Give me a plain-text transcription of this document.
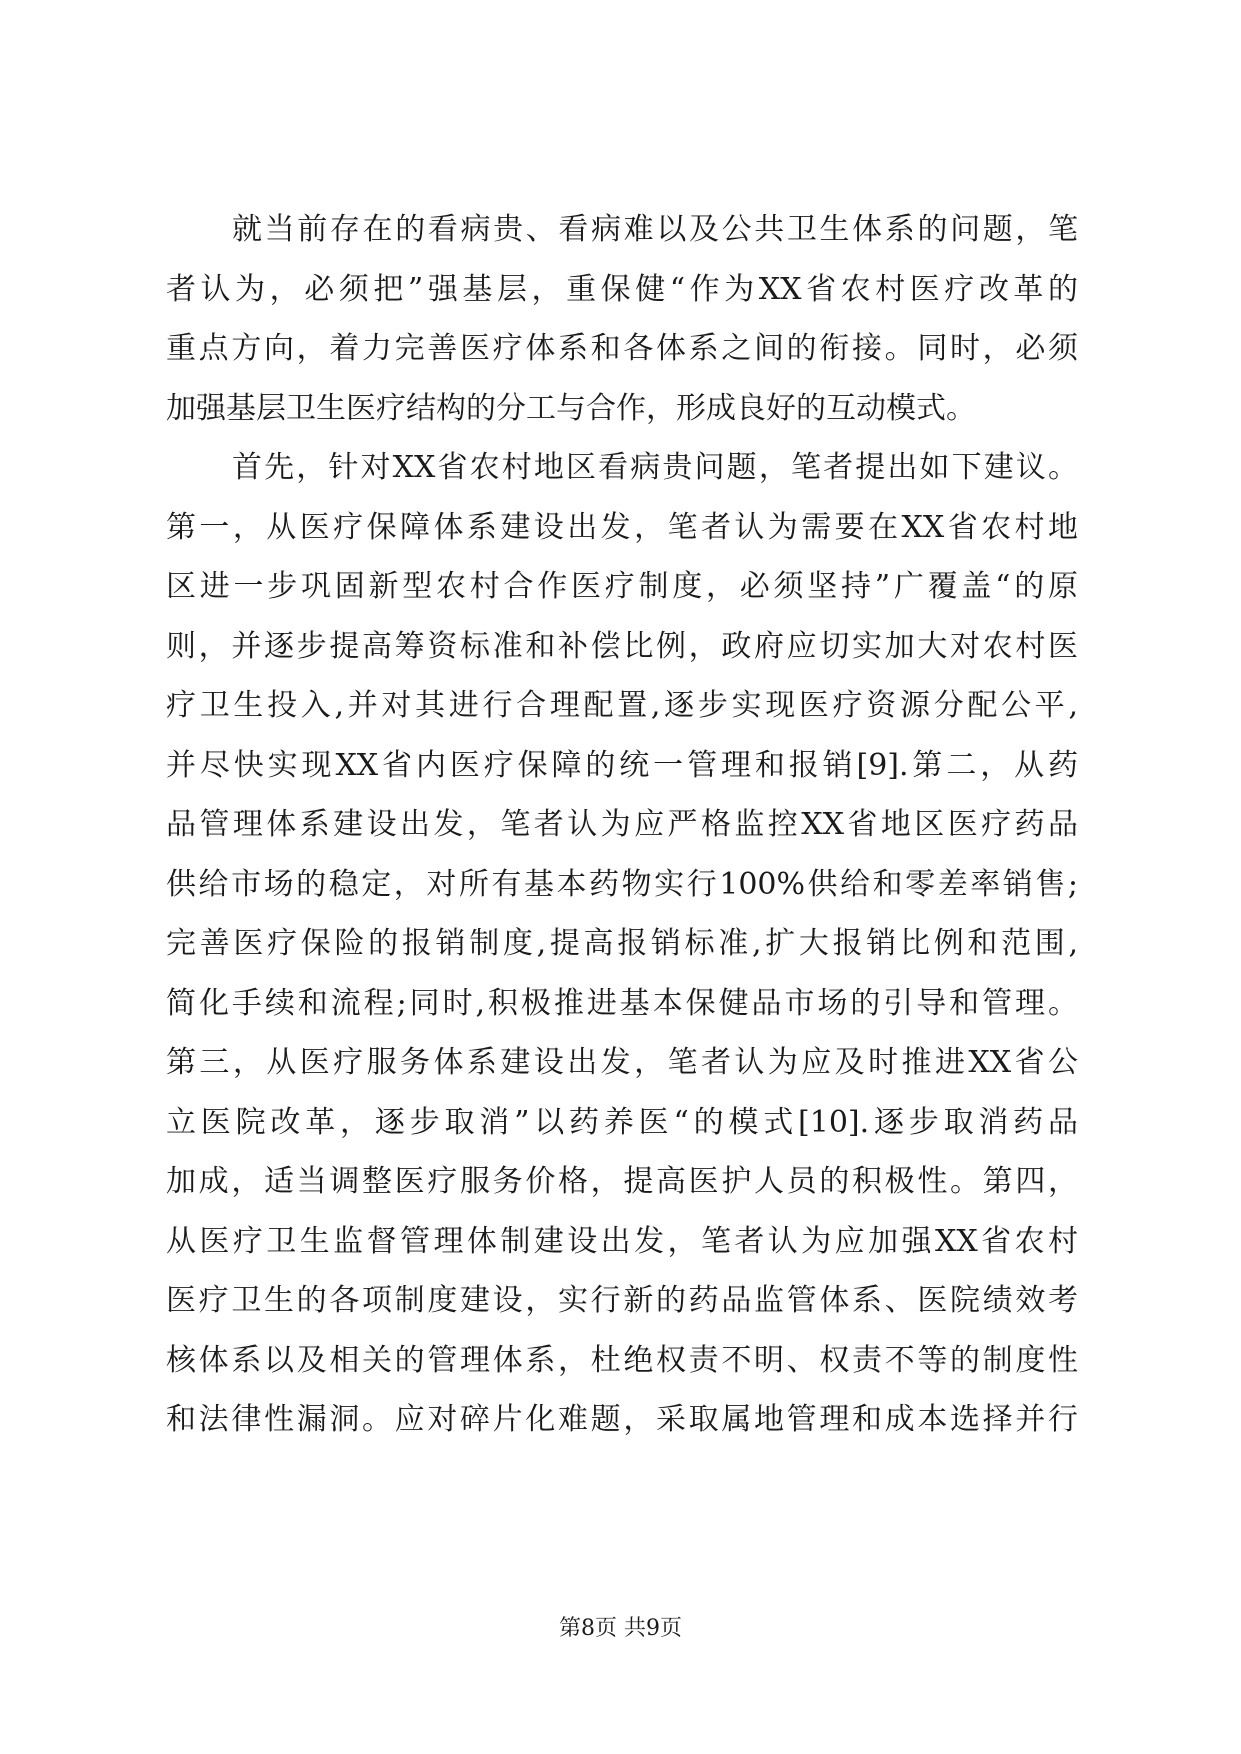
就当前存在的看病贵、看病难以及公共卫生体系的问题，笔
者认为，必须把”强基层，重保健“作为XX省农村医疗改革的
重点方向，着力完善医疗体系和各体系之间的衔接。同时，必须
加强基层卫生医疗结构的分工与合作，形成良好的互动模式。
首先，针对XX省农村地区看病贵问题，笔者提出如下建议。
第一，从医疗保障体系建设出发，笔者认为需要在XX省农村地
区进一步巩固新型农村合作医疗制度，必须坚持”广覆盖“的原
则，并逐步提高筹资标准和补偿比例，政府应切实加大对农村医
疗卫生投入,并对其进行合理配置,逐步实现医疗资源分配公平,
并尽快实现XX省内医疗保障的统一管理和报销[9].第二，从药
品管理体系建设出发，笔者认为应严格监控XX省地区医疗药品
供给市场的稳定，对所有基本药物实行100%供给和零差率销售;
完善医疗保险的报销制度,提高报销标准,扩大报销比例和范围,
简化手续和流程;同时,积极推进基本保健品市场的引导和管理。
第三，从医疗服务体系建设出发，笔者认为应及时推进XX省公
立医院改革，逐步取消”以药养医“的模式[10].逐步取消药品
加成，适当调整医疗服务价格，提高医护人员的积极性。第四，
从医疗卫生监督管理体制建设出发，笔者认为应加强XX省农村
医疗卫生的各项制度建设，实行新的药品监管体系、医院绩效考
核体系以及相关的管理体系，杜绝权责不明、权责不等的制度性
和法律性漏洞。应对碎片化难题，采取属地管理和成本选择并行
第8页 共9页
